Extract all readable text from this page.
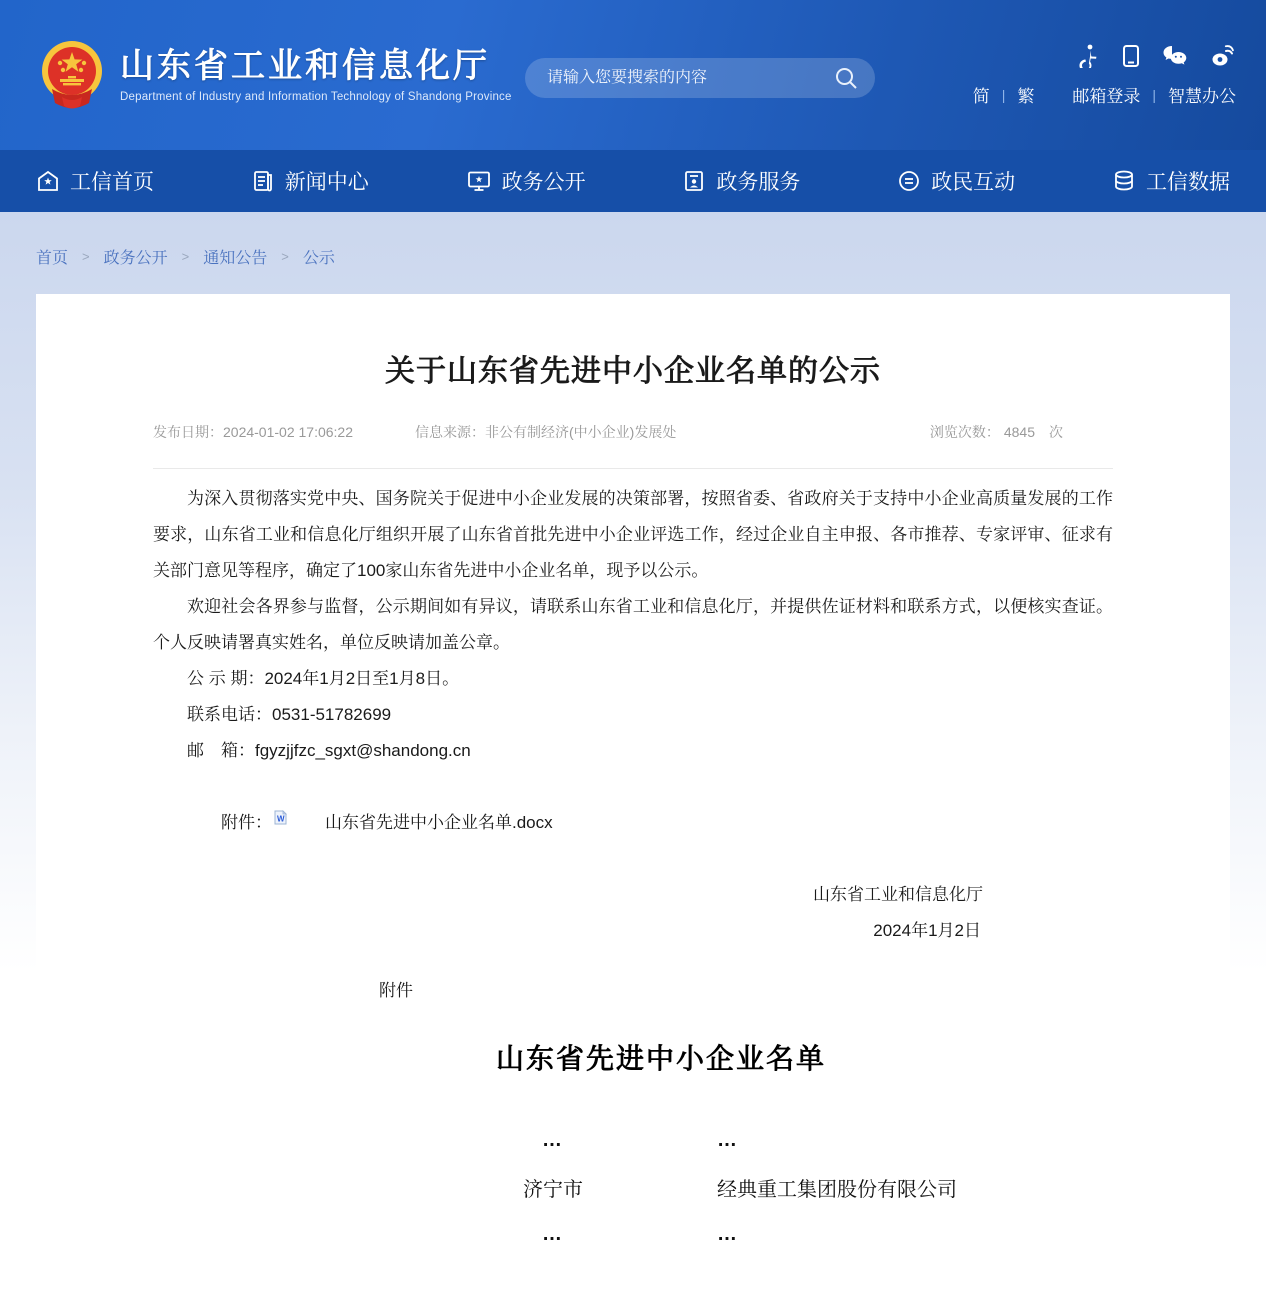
山东省工业和信息化厅
Department of Industry and Information Technology of Shandong Province
请输入您要搜索的内容	简 | 繁 邮箱登录 | 智慧办公
工信首页	新闻中心	政务公开	政务服务	政民互动	工信数据
首页 > 政务公开 > 通知公告 > 公示
关于山东省先进中小企业名单的公示
发布日期：2024-01-02 17:06:22	信息来源：非公有制经济(中小企业)发展处	浏览次数： 4845 次

为深入贯彻落实党中央、国务院关于促进中小企业发展的决策部署，按照省委、省政府关于支持中小企业高质量发展的工作要求，山东省工业和信息化厅组织开展了山东省首批先进中小企业评选工作，经过企业自主申报、各市推荐、专家评审、征求有关部门意见等程序，确定了100家山东省先进中小企业名单，现予以公示。

欢迎社会各界参与监督，公示期间如有异议，请联系山东省工业和信息化厅，并提供佐证材料和联系方式，以便核实查证。个人反映请署真实姓名，单位反映请加盖公章。

公 示 期：2024年1月2日至1月8日。
联系电话：0531-51782699
邮　箱：fgyzjjfzc_sgxt@shandong.cn
附件： W	山东省先进中小企业名单.docx
山东省工业和信息化厅
2024年1月2日
附件
山东省先进中小企业名单
…	…
济宁市	经典重工集团股份有限公司
…	…
